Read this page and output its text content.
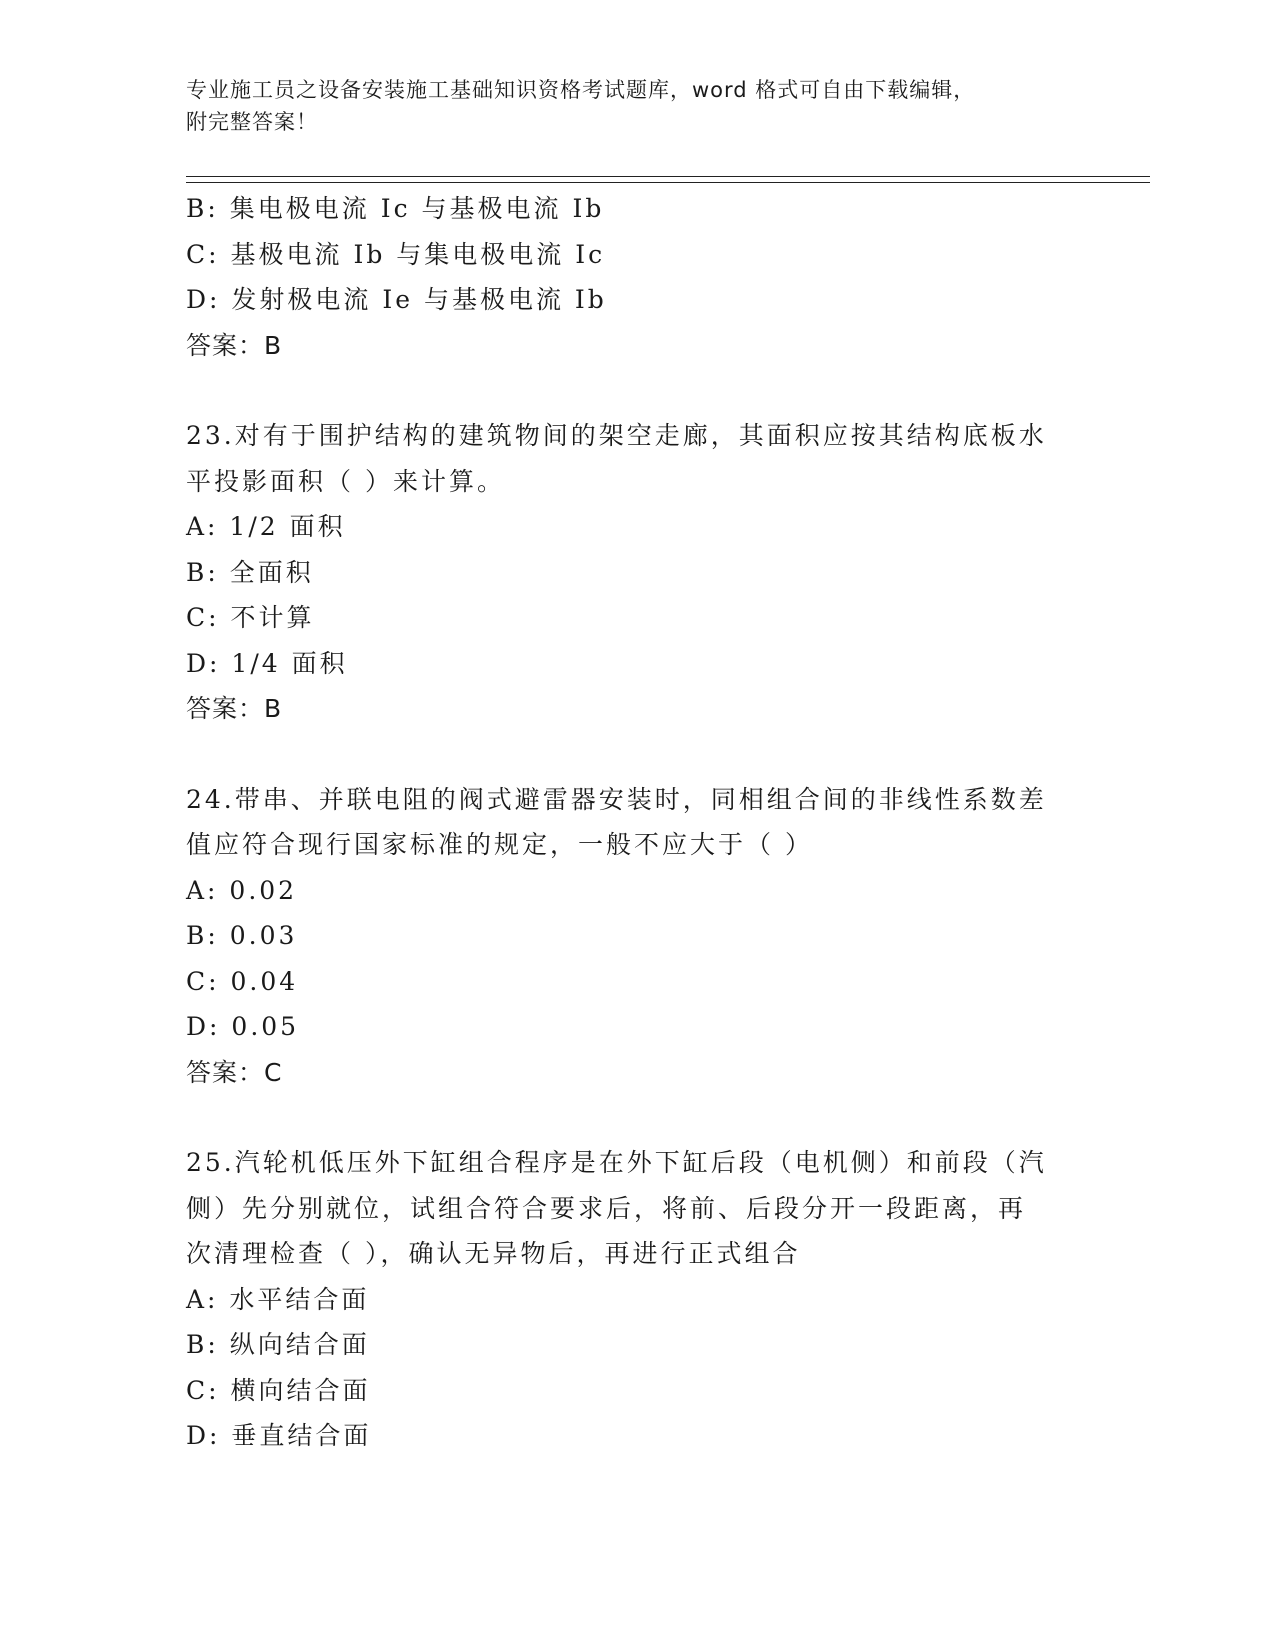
专业施工员之设备安装施工基础知识资格考试题库，word 格式可自由下载编辑，
附完整答案！
B: 集电极电流 Ic 与基极电流 Ib
C: 基极电流 Ib 与集电极电流 Ic
D: 发射极电流 Ie 与基极电流 Ib
答案：B
23.对有于围护结构的建筑物间的架空走廊，其面积应按其结构底板水
平投影面积（ ）来计算。
A: 1/2 面积
B: 全面积
C: 不计算
D: 1/4 面积
答案：B
24.带串、并联电阻的阀式避雷器安装时，同相组合间的非线性系数差
值应符合现行国家标准的规定，一般不应大于（ ）
A: 0.02
B: 0.03
C: 0.04
D: 0.05
答案：C
25.汽轮机低压外下缸组合程序是在外下缸后段（电机侧）和前段（汽
侧）先分别就位，试组合符合要求后，将前、后段分开一段距离，再
次清理检查（ ），确认无异物后，再进行正式组合
A: 水平结合面
B: 纵向结合面
C: 横向结合面
D: 垂直结合面
